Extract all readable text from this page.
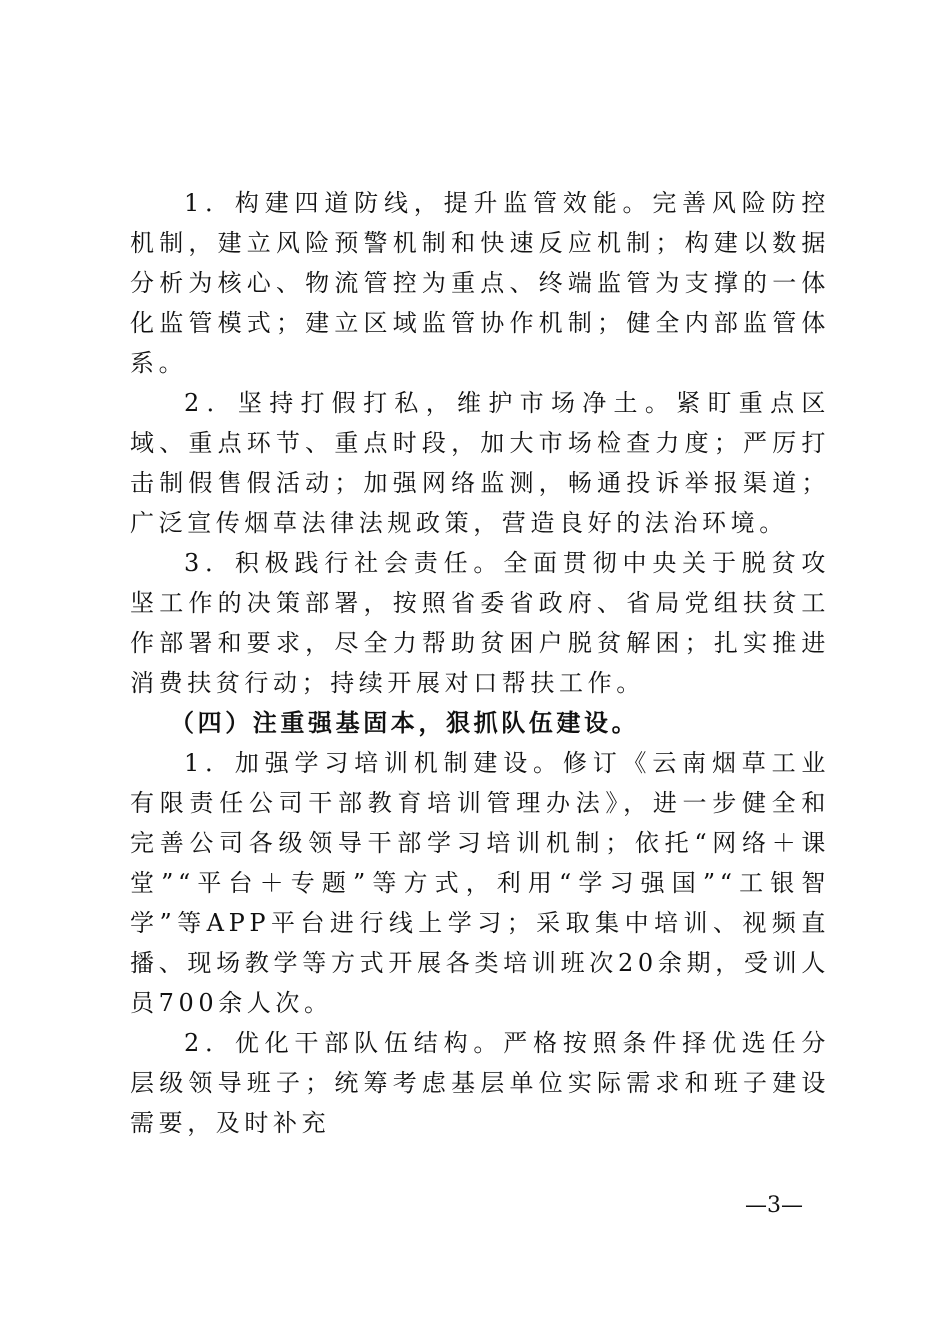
1．构建四道防线，提升监管效能。完善风险防控机制，建立风险预警机制和快速反应机制；构建以数据分析为核心、物流管控为重点、终端监管为支撑的一体化监管模式；建立区域监管协作机制；健全内部监管体系。

2．坚持打假打私，维护市场净土。紧盯重点区域、重点环节、重点时段，加大市场检查力度；严厉打击制假售假活动；加强网络监测，畅通投诉举报渠道；广泛宣传烟草法律法规政策，营造良好的法治环境。

3．积极践行社会责任。全面贯彻中央关于脱贫攻坚工作的决策部署，按照省委省政府、省局党组扶贫工作部署和要求，尽全力帮助贫困户脱贫解困；扎实推进消费扶贫行动；持续开展对口帮扶工作。

（四）注重强基固本，狠抓队伍建设。

1．加强学习培训机制建设。修订《云南烟草工业有限责任公司干部教育培训管理办法》，进一步健全和完善公司各级领导干部学习培训机制；依托“网络＋课堂”“平台＋专题”等方式，利用“学习强国”“工银智学”等APP平台进行线上学习；采取集中培训、视频直播、现场教学等方式开展各类培训班次20余期，受训人员700余人次。

2．优化干部队伍结构。严格按照条件择优选任分层级领导班子；统筹考虑基层单位实际需求和班子建设需要，及时补充

—3—
